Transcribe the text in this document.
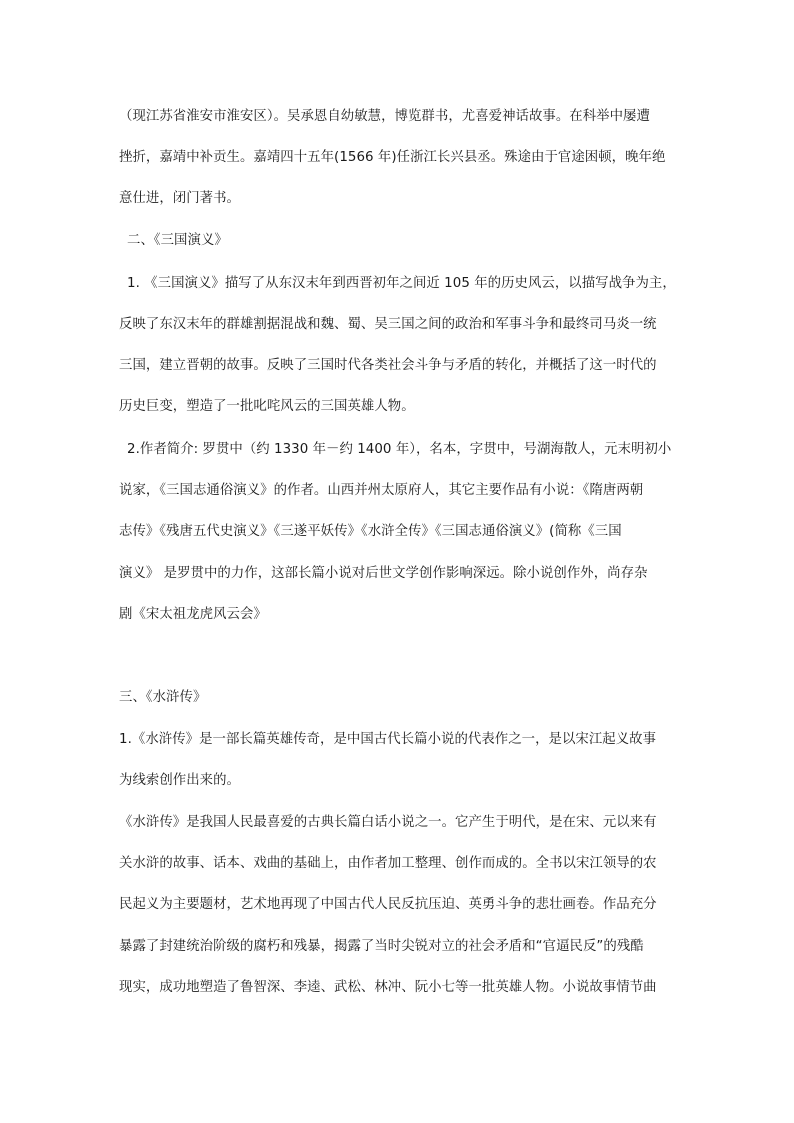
（现江苏省淮安市淮安区）。吴承恩自幼敏慧，博览群书，尤喜爱神话故事。在科举中屡遭

挫折，嘉靖中补贡生。嘉靖四十五年(1566 年)任浙江长兴县丞。殊途由于官途困顿，晚年绝

意仕进，闭门著书。

二、《三国演义》

1. 《三国演义》描写了从东汉末年到西晋初年之间近 105 年的历史风云，以描写战争为主，

反映了东汉末年的群雄割据混战和魏、蜀、吴三国之间的政治和军事斗争和最终司马炎一统

三国，建立晋朝的故事。反映了三国时代各类社会斗争与矛盾的转化，并概括了这一时代的

历史巨变，塑造了一批叱咤风云的三国英雄人物。

2.作者简介: 罗贯中（约 1330 年－约 1400 年），名本，字贯中，号湖海散人，元末明初小

说家，《三国志通俗演义》的作者。山西并州太原府人，其它主要作品有小说：《隋唐两朝

志传》《残唐五代史演义》《三遂平妖传》《水浒全传》《三国志通俗演义》(简称《三国

演义》 是罗贯中的力作，这部长篇小说对后世文学创作影响深远。除小说创作外，尚存杂

剧《宋太祖龙虎风云会》

三、《水浒传》

1.《水浒传》是一部长篇英雄传奇，是中国古代长篇小说的代表作之一，是以宋江起义故事

为线索创作出来的。

《水浒传》是我国人民最喜爱的古典长篇白话小说之一。它产生于明代，是在宋、元以来有

关水浒的故事、话本、戏曲的基础上，由作者加工整理、创作而成的。全书以宋江领导的农

民起义为主要题材，艺术地再现了中国古代人民反抗压迫、英勇斗争的悲壮画卷。作品充分

暴露了封建统治阶级的腐朽和残暴，揭露了当时尖锐对立的社会矛盾和“官逼民反”的残酷

现实，成功地塑造了鲁智深、李逵、武松、林冲、阮小七等一批英雄人物。小说故事情节曲
